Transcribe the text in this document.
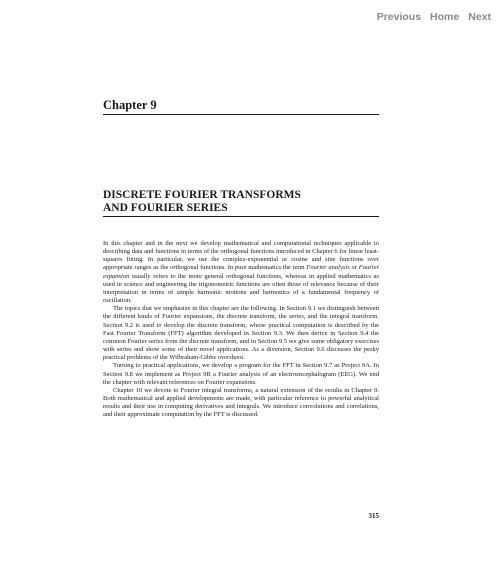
Previous Home Next
Chapter 9
DISCRETE FOURIER TRANSFORMS
AND FOURIER SERIES

In this chapter and in the next we develop mathematical and computational techniques applicable to describing data and functions in terms of the orthogonal functions introduced in Chapter 6 for linear least-squares fitting. In particular, we use the complex-exponential or cosine and sine functions over appropriate ranges as the orthogonal functions. In pure mathematics the term Fourier analysis or Fourier expansion usually refers to the more general orthogonal functions, whereas in applied mathematics as used in science and engineering the trigonometric functions are often those of relevance because of their interpretation in terms of simple harmonic motions and harmonics of a fundamental frequency of oscillation.

The topics that we emphasize in this chapter are the following. In Section 9.1 we distinguish between the different kinds of Fourier expansions, the discrete transform, the series, and the integral transform. Section 9.2 is used to develop the discrete transform, whose practical computation is described by the Fast Fourier Transform (FFT) algorithm developed in Section 9.3. We then derive in Section 9.4 the common Fourier series from the discrete transform, and in Section 9.5 we give some obligatory exercises with series and show some of their novel applications. As a diversion, Section 9.6 discusses the pesky practical problems of the Wilbraham-Gibbs overshoot.

Turning to practical applications, we develop a program for the FFT in Section 9.7 as Project 9A. In Section 9.8 we implement as Project 9B a Fourier analysis of an electroencephalogram (EEG). We end the chapter with relevant references on Fourier expansions.

Chapter 10 we devote to Fourier integral transforms, a natural extension of the results in Chapter 9. Both mathematical and applied developments are made, with particular reference to powerful analytical results and their use in computing derivatives and integrals. We introduce convolutions and correlations, and their approximate computation by the FFT is discussed.

315
